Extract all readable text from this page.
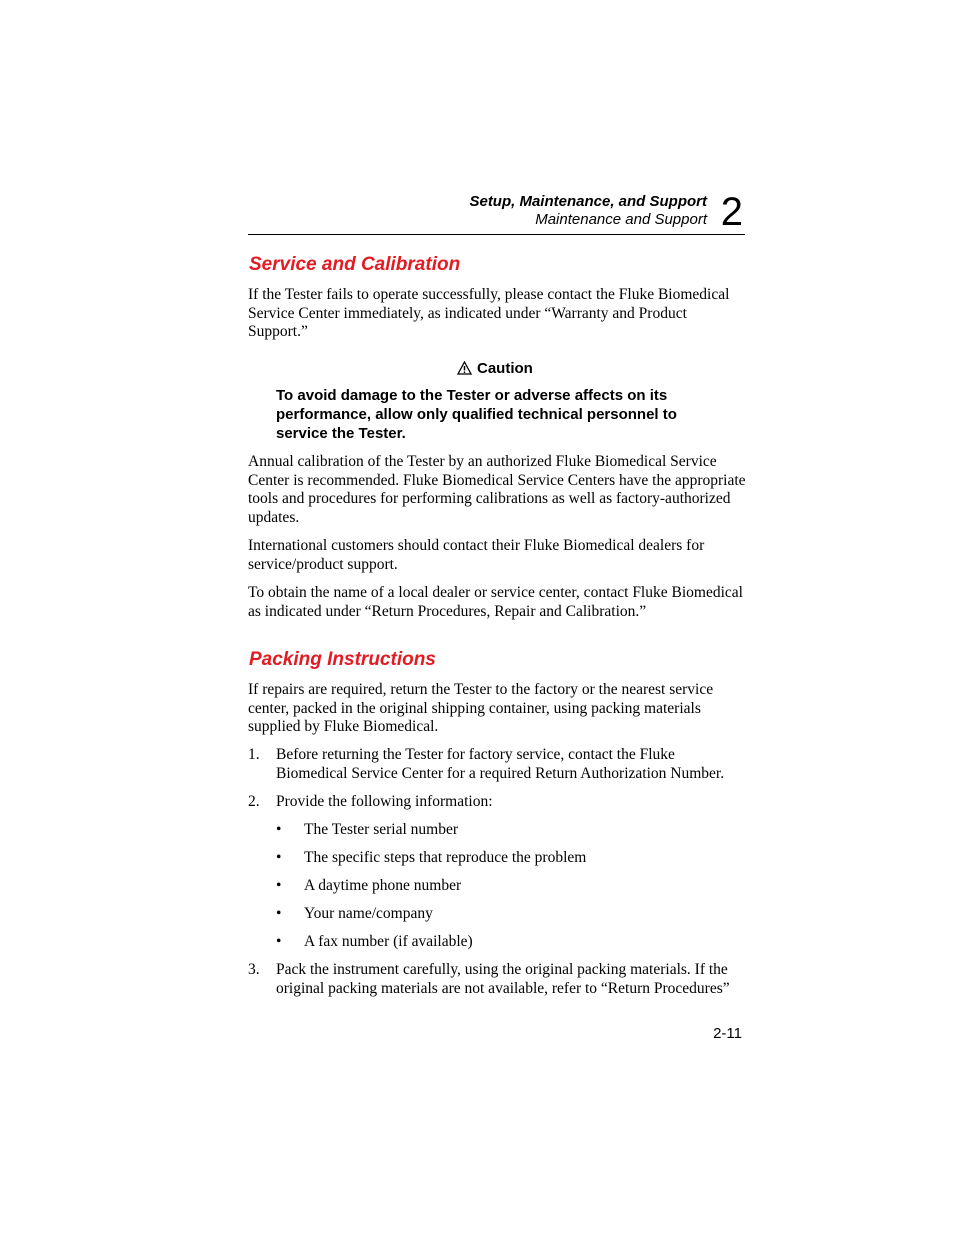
Setup, Maintenance, and Support
Maintenance and Support 2
Service and Calibration

If the Tester fails to operate successfully, please contact the Fluke Biomedical Service Center immediately, as indicated under “Warranty and Product Support.”

Caution
To avoid damage to the Tester or adverse affects on its performance, allow only qualified technical personnel to service the Tester.

Annual calibration of the Tester by an authorized Fluke Biomedical Service Center is recommended. Fluke Biomedical Service Centers have the appropriate tools and procedures for performing calibrations as well as factory-authorized updates.

International customers should contact their Fluke Biomedical dealers for service/product support.

To obtain the name of a local dealer or service center, contact Fluke Biomedical as indicated under “Return Procedures, Repair and Calibration.”

Packing Instructions

If repairs are required, return the Tester to the factory or the nearest service center, packed in the original shipping container, using packing materials supplied by Fluke Biomedical.

1. Before returning the Tester for factory service, contact the Fluke Biomedical Service Center for a required Return Authorization Number.

2. Provide the following information:

• The Tester serial number
• The specific steps that reproduce the problem
• A daytime phone number
• Your name/company
• A fax number (if available)
3. Pack the instrument carefully, using the original packing materials. If the original packing materials are not available, refer to “Return Procedures”

2-11
